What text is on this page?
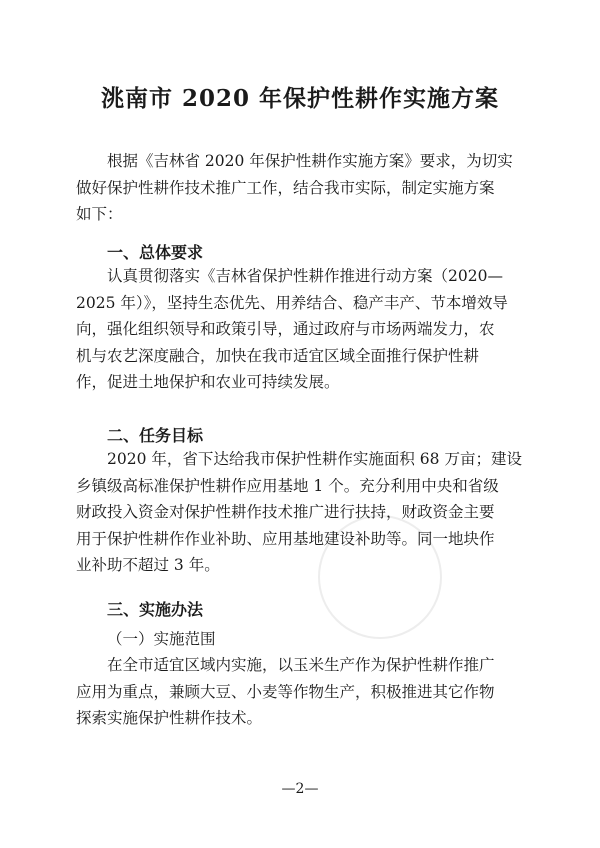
洮南市 2020 年保护性耕作实施方案
　　根据《吉林省 2020 年保护性耕作实施方案》要求，为切实
做好保护性耕作技术推广工作，结合我市实际，制定实施方案
如下：
一、总体要求
　　认真贯彻落实《吉林省保护性耕作推进行动方案（2020—
2025 年）》，坚持生态优先、用养结合、稳产丰产、节本增效导
向，强化组织领导和政策引导，通过政府与市场两端发力，农
机与农艺深度融合，加快在我市适宜区域全面推行保护性耕
作，促进土地保护和农业可持续发展。
二、任务目标
　　2020 年，省下达给我市保护性耕作实施面积 68 万亩；建设
乡镇级高标准保护性耕作应用基地 1 个。充分利用中央和省级
财政投入资金对保护性耕作技术推广进行扶持，财政资金主要
用于保护性耕作作业补助、应用基地建设补助等。同一地块作
业补助不超过 3 年。
三、实施办法
（一）实施范围
　　在全市适宜区域内实施，以玉米生产作为保护性耕作推广
应用为重点，兼顾大豆、小麦等作物生产，积极推进其它作物
探索实施保护性耕作技术。
—2—
